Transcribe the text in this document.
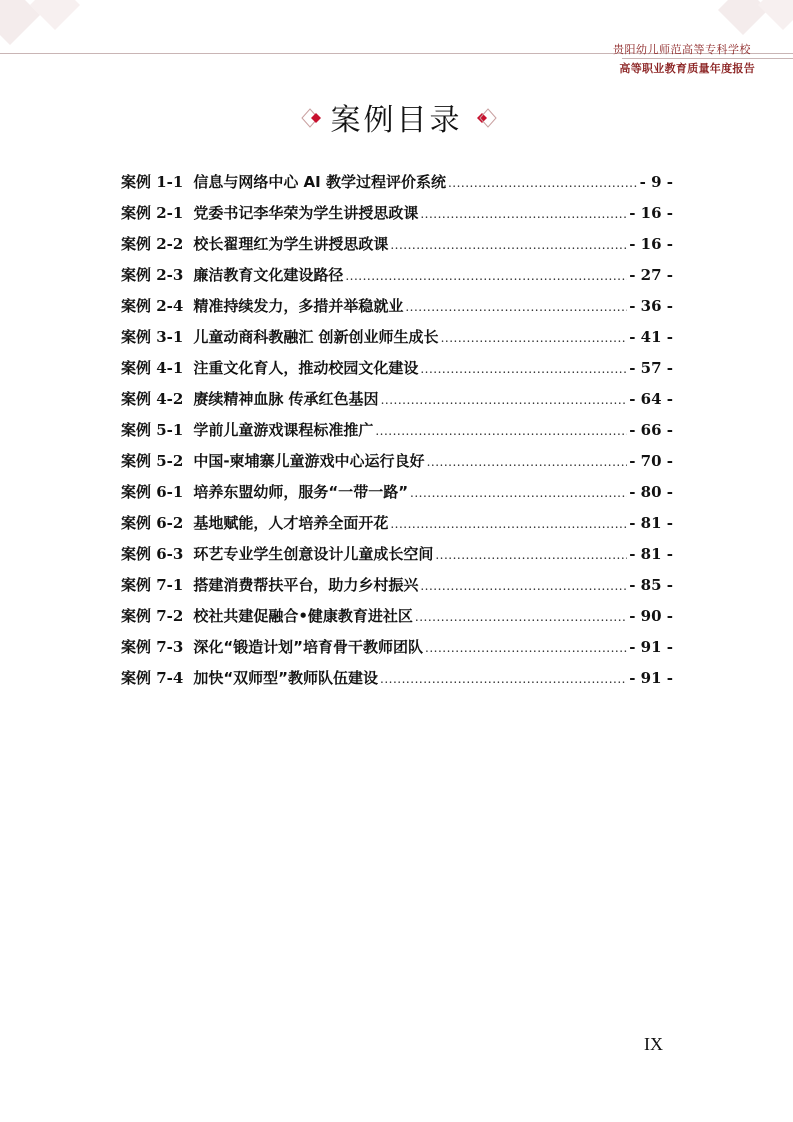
贵阳幼儿师范高等专科学校
高等职业教育质量年度报告
案例目录
案例 1-1 信息与网络中心 AI 教学过程评价系统 .....	- 9 -
案例 2-1 党委书记李华荣为学生讲授思政课 .....	- 16 -
案例 2-2 校长翟理红为学生讲授思政课 .....	- 16 -
案例 2-3 廉洁教育文化建设路径 .....	- 27 -
案例 2-4 精准持续发力，多措并举稳就业 .....	- 36 -
案例 3-1 儿童动商科教融汇 创新创业师生成长 .....	- 41 -
案例 4-1 注重文化育人，推动校园文化建设 .....	- 57 -
案例 4-2 赓续精神血脉 传承红色基因 .....	- 64 -
案例 5-1 学前儿童游戏课程标准推广 .....	- 66 -
案例 5-2 中国-柬埔寨儿童游戏中心运行良好 .....	- 70 -
案例 6-1 培养东盟幼师，服务“一带一路” .....	- 80 -
案例 6-2 基地赋能，人才培养全面开花 .....	- 81 -
案例 6-3 环艺专业学生创意设计儿童成长空间 .....	- 81 -
案例 7-1 搭建消费帮扶平台，助力乡村振兴 .....	- 85 -
案例 7-2 校社共建促融合•健康教育进社区 .....	- 90 -
案例 7-3 深化“锻造计划”培育骨干教师团队 .....	- 91 -
案例 7-4 加快“双师型”教师队伍建设 .....	- 91 -
IX
